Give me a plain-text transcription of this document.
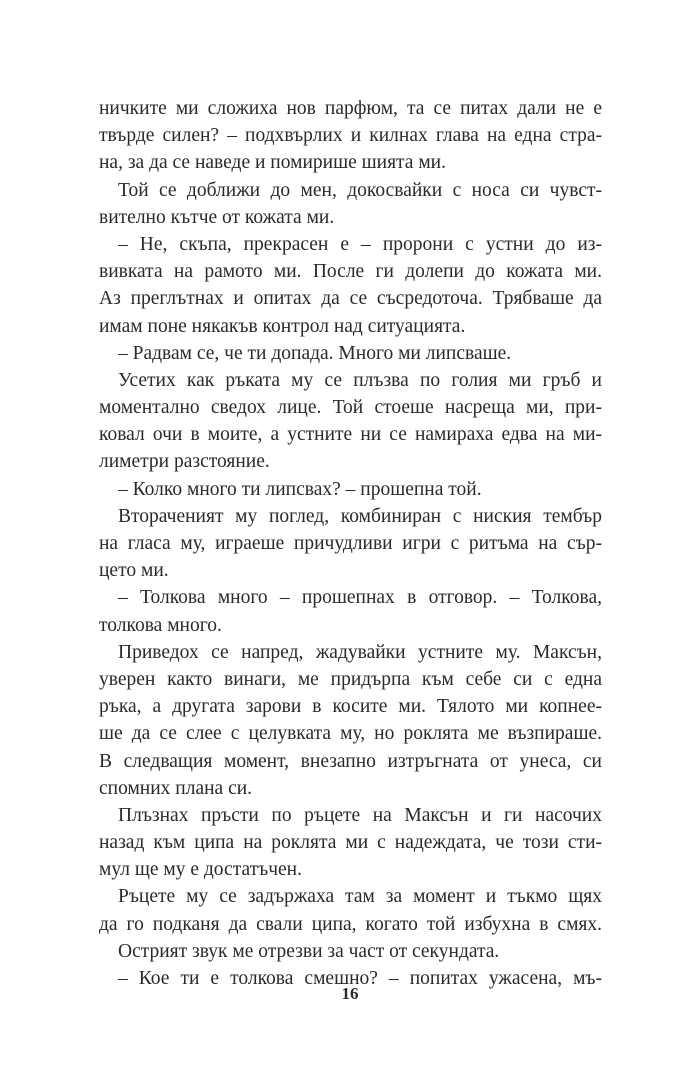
ничките ми сложиха нов парфюм, та се питах дали не е
твърде силен? – подхвърлих и килнах глава на една стра-
на, за да се наведе и помирише шията ми.
Той се доближи до мен, докосвайки с носа си чувст-
вително кътче от кожата ми.
– Не, скъпа, прекрасен е – пророни с устни до из-
вивката на рамото ми. После ги долепи до кожата ми.
Аз преглътнах и опитах да се съсредоточа. Трябваше да
имам поне някакъв контрол над ситуацията.
– Радвам се, че ти допада. Много ми липсваше.
Усетих как ръката му се плъзва по голия ми гръб и
моментално сведох лице. Той стоеше насреща ми, при-
ковал очи в моите, а устните ни се намираха едва на ми-
лиметри разстояние.
– Колко много ти липсвах? – прошепна той.
Вторачeният му поглед, комбиниран с ниския тембър
на гласа му, играеше причудливи игри с ритъма на сър-
цето ми.
– Толкова много – прошепнах в отговор. – Толкова,
толкова много.
Приведох се напред, жадувайки устните му. Максън,
уверен както винаги, ме придърпа към себе си с една
ръка, а другата зарови в косите ми. Тялото ми копнее-
ше да се слее с целувката му, но роклята ме възпираше.
В следващия момент, внезапно изтръгната от унеса, си
спомних плана си.
Плъзнах пръсти по ръцете на Максън и ги насочих
назад към ципа на роклята ми с надеждата, че този сти-
мул ще му е достатъчен.
Ръцете му се задържаха там за момент и тъкмо щях
да го подканя да свали ципа, когато той избухна в смях.
Острият звук ме отрезви за част от секундата.
– Кое ти е толкова смешно? – попитах ужасена, мъ-
16
